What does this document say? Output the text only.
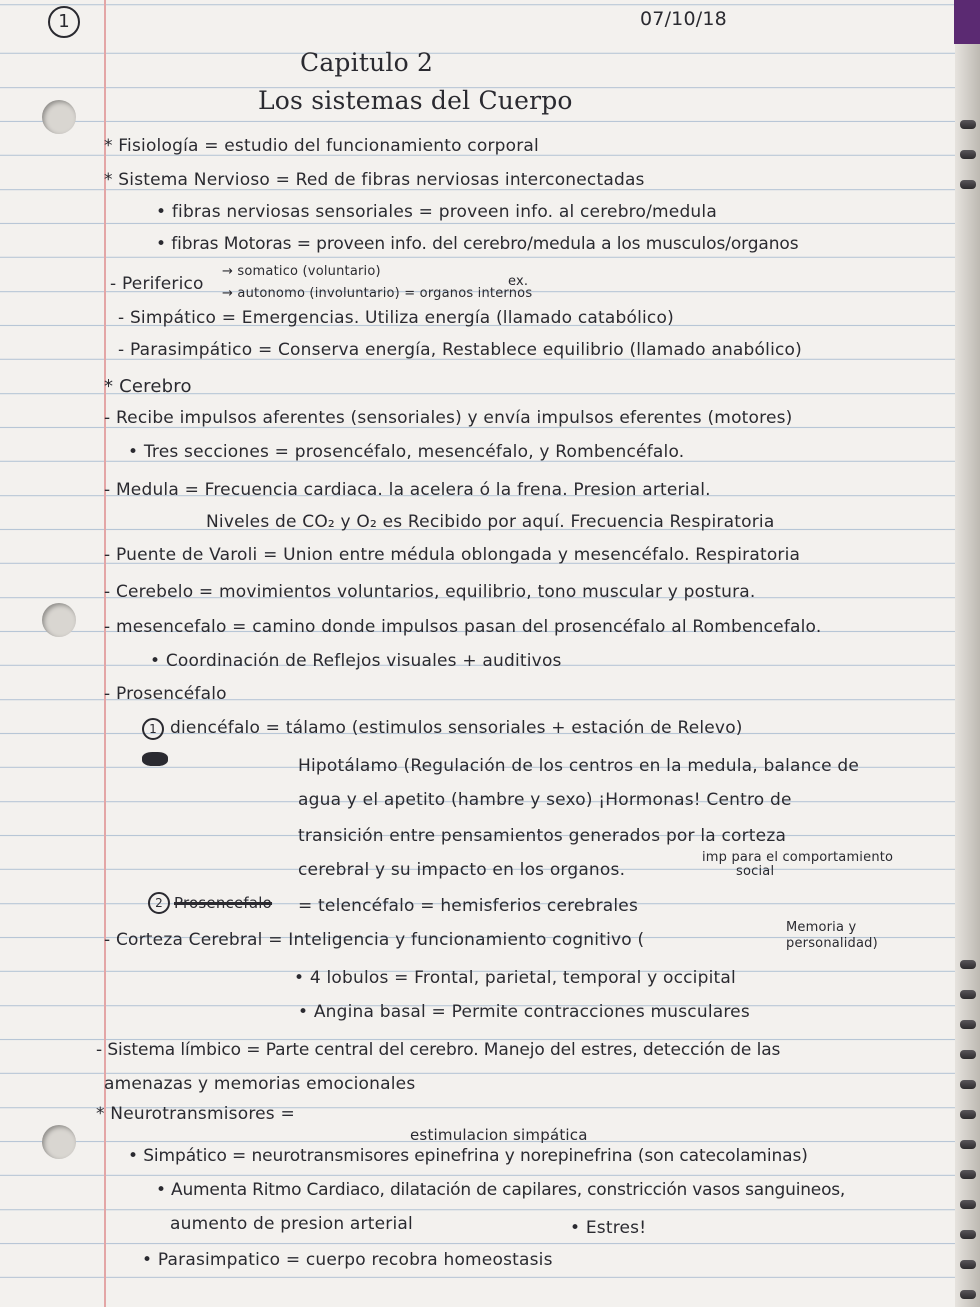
1	07/10/18
Capitulo 2
Los sistemas del Cuerpo
* Fisiología = estudio del funcionamiento corporal
* Sistema Nervioso = Red de fibras nerviosas interconectadas
• fibras nerviosas sensoriales = proveen info. al cerebro/medula
• fibras Motoras = proveen info. del cerebro/medula a los musculos/organos
- Periferico
→ somatico (voluntario)
ex.
→ autonomo (involuntario) = organos internos
- Simpático = Emergencias. Utiliza energía (llamado catabólico)
- Parasimpático = Conserva energía, Restablece equilibrio (llamado anabólico)
* Cerebro
- Recibe impulsos aferentes (sensoriales) y envía impulsos eferentes (motores)
• Tres secciones = prosencéfalo, mesencéfalo, y Rombencéfalo.
- Medula = Frecuencia cardiaca. la acelera ó la frena. Presion arterial.
Niveles de CO₂ y O₂ es Recibido por aquí. Frecuencia Respiratoria
- Puente de Varoli = Union entre médula oblongada y mesencéfalo. Respiratoria
- Cerebelo = movimientos voluntarios, equilibrio, tono muscular y postura.
- mesencefalo = camino donde impulsos pasan del prosencéfalo al Rombencefalo.
• Coordinación de Reflejos visuales + auditivos
- Prosencéfalo
1 diencéfalo = tálamo (estimulos sensoriales + estación de Relevo)
Hipotálamo (Regulación de los centros en la medula, balance de
agua y el apetito (hambre y sexo) ¡Hormonas! Centro de
transición entre pensamientos generados por la corteza
cerebral y su impacto en los organos.
imp para el comportamiento
social
2 Prosencefalo = telencéfalo = hemisferios cerebrales
- Corteza Cerebral = Inteligencia y funcionamiento cognitivo (
Memoria y
personalidad)
• 4 lobulos = Frontal, parietal, temporal y occipital
• Angina basal = Permite contracciones musculares
- Sistema límbico = Parte central del cerebro. Manejo del estres, detección de las
amenazas y memorias emocionales
* Neurotransmisores =
estimulacion simpática
• Simpático = neurotransmisores epinefrina y norepinefrina (son catecolaminas)
• Aumenta Ritmo Cardiaco, dilatación de capilares, constricción vasos sanguineos,
aumento de presion arterial	• Estres!
• Parasimpatico = cuerpo recobra homeostasis
